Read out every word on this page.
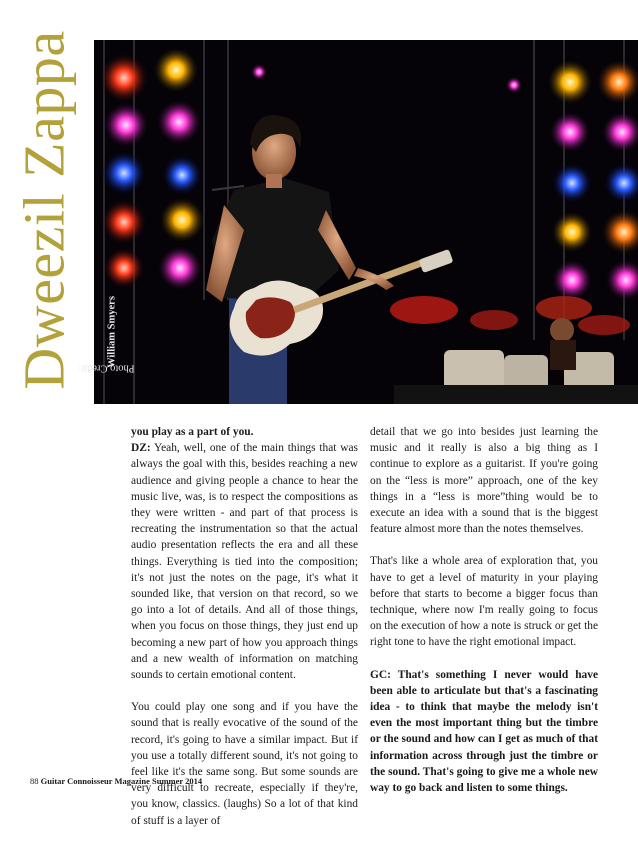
Dweezil Zappa Photo Credit:
William Smyers

you play as a part of you.
DZ: Yeah, well, one of the main things that was always the goal with this, besides reaching a new audience and giving people a chance to hear the music live, was, is to respect the compositions as they were written - and part of that process is recreating the instrumentation so that the actual audio presentation reflects the era and all these things. Everything is tied into the composition; it's not just the notes on the page, it's what it sounded like, that version on that record, so we go into a lot of details. And all of those things, when you focus on those things, they just end up becoming a new part of how you approach things and a new wealth of information on matching sounds to certain emotional content.

You could play one song and if you have the sound that is really evocative of the sound of the record, it's going to have a similar impact. But if you use a totally different sound, it's not going to feel like it's the same song. But some sounds are very difficult to recreate, especially if they're, you know, classics. (laughs) So a lot of that kind of stuff is a layer of

detail that we go into besides just learning the music and it really is also a big thing as I continue to explore as a guitarist. If you're going on the “less is more” approach, one of the key things in a “less is more”thing would be to execute an idea with a sound that is the biggest feature almost more than the notes themselves.

That's like a whole area of exploration that, you have to get a level of maturity in your playing before that starts to become a bigger focus than technique, where now I'm really going to focus on the execution of how a note is struck or get the right tone to have the right emotional impact.

GC: That's something I never would have been able to articulate but that's a fascinating idea - to think that maybe the melody isn't even the most important thing but the timbre or the sound and how can I get as much of that information across through just the timbre or the sound. That's going to give me a whole new way to go back and listen to some things.

88 Guitar Connoisseur Magazine Summer 2014
